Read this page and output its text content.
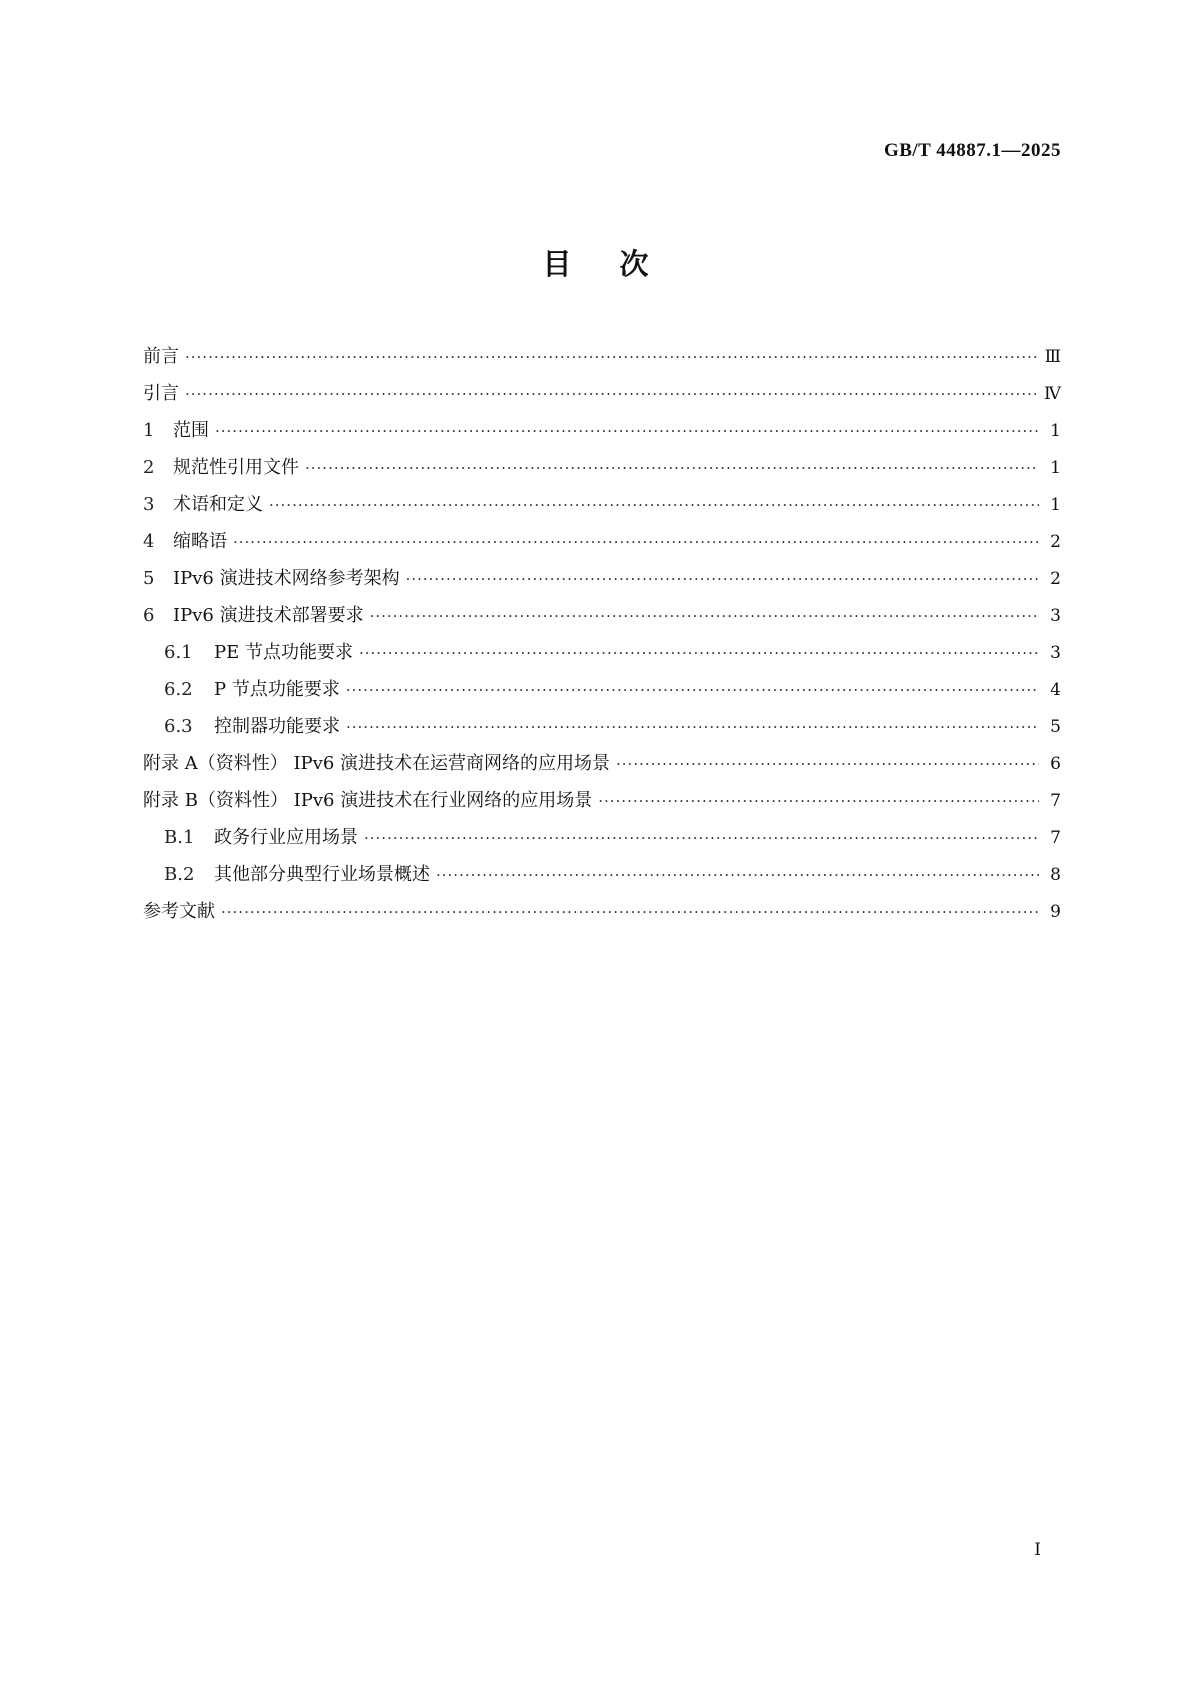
GB/T 44887.1—2025
目次
前言 ·····	Ⅲ
引言 ·····	Ⅳ
1	范围 ·····	1
2	规范性引用文件 ·····	1
3	术语和定义 ·····	1
4	缩略语 ·····	2
5	IPv6 演进技术网络参考架构 ·····	2
6	IPv6 演进技术部署要求 ·····	3
6.1	PE 节点功能要求 ·····	3
6.2	P 节点功能要求 ·····	4
6.3	控制器功能要求 ·····	5
附录 A（资料性） IPv6 演进技术在运营商网络的应用场景 ·····	6
附录 B（资料性） IPv6 演进技术在行业网络的应用场景 ·····	7
B.1	政务行业应用场景 ·····	7
B.2	其他部分典型行业场景概述 ·····	8
参考文献 ·····	9
Ⅰ
